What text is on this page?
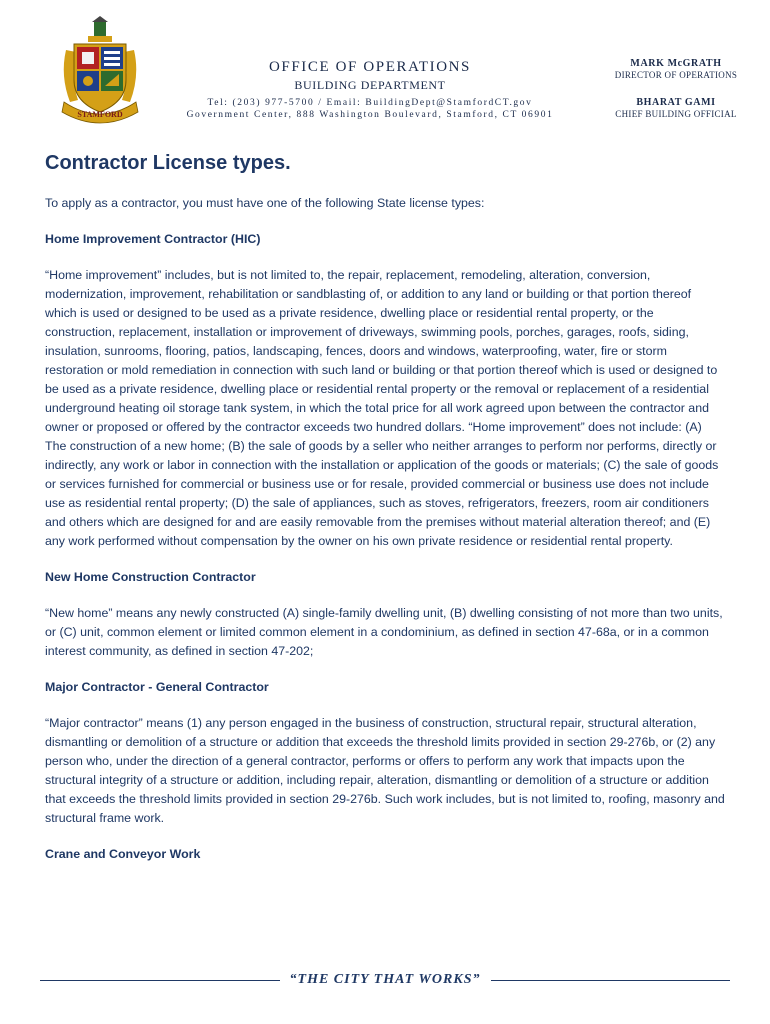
STAMFORD
OFFICE OF OPERATIONS
BUILDING DEPARTMENT
Tel: (203) 977-5700 / Email: BuildingDept@StamfordCT.gov
Government Center, 888 Washington Boulevard, Stamford, CT 06901
MARK McGRATH
DIRECTOR OF OPERATIONS
BHARAT GAMI
CHIEF BUILDING OFFICIAL
Contractor License types.

To apply as a contractor, you must have one of the following State license types:

Home Improvement Contractor (HIC)

“Home improvement” includes, but is not limited to, the repair, replacement, remodeling, alteration, conversion, modernization, improvement, rehabilitation or sandblasting of, or addition to any land or building or that portion thereof which is used or designed to be used as a private residence, dwelling place or residential rental property, or the construction, replacement, installation or improvement of driveways, swimming pools, porches, garages, roofs, siding, insulation, sunrooms, flooring, patios, landscaping, fences, doors and windows, waterproofing, water, fire or storm restoration or mold remediation in connection with such land or building or that portion thereof which is used or designed to be used as a private residence, dwelling place or residential rental property or the removal or replacement of a residential underground heating oil storage tank system, in which the total price for all work agreed upon between the contractor and owner or proposed or offered by the contractor exceeds two hundred dollars. “Home improvement” does not include: (A) The construction of a new home; (B) the sale of goods by a seller who neither arranges to perform nor performs, directly or indirectly, any work or labor in connection with the installation or application of the goods or materials; (C) the sale of goods or services furnished for commercial or business use or for resale, provided commercial or business use does not include use as residential rental property; (D) the sale of appliances, such as stoves, refrigerators, freezers, room air conditioners and others which are designed for and are easily removable from the premises without material alteration thereof; and (E) any work performed without compensation by the owner on his own private residence or residential rental property.

New Home Construction Contractor

“New home” means any newly constructed (A) single-family dwelling unit, (B) dwelling consisting of not more than two units, or (C) unit, common element or limited common element in a condominium, as defined in section 47-68a, or in a common interest community, as defined in section 47-202;

Major Contractor - General Contractor

“Major contractor” means (1) any person engaged in the business of construction, structural repair, structural alteration, dismantling or demolition of a structure or addition that exceeds the threshold limits provided in section 29-276b, or (2) any person who, under the direction of a general contractor, performs or offers to perform any work that impacts upon the structural integrity of a structure or addition, including repair, alteration, dismantling or demolition of a structure or addition that exceeds the threshold limits provided in section 29-276b. Such work includes, but is not limited to, roofing, masonry and structural frame work.

Crane and Conveyor Work

“THE CITY THAT WORKS”
